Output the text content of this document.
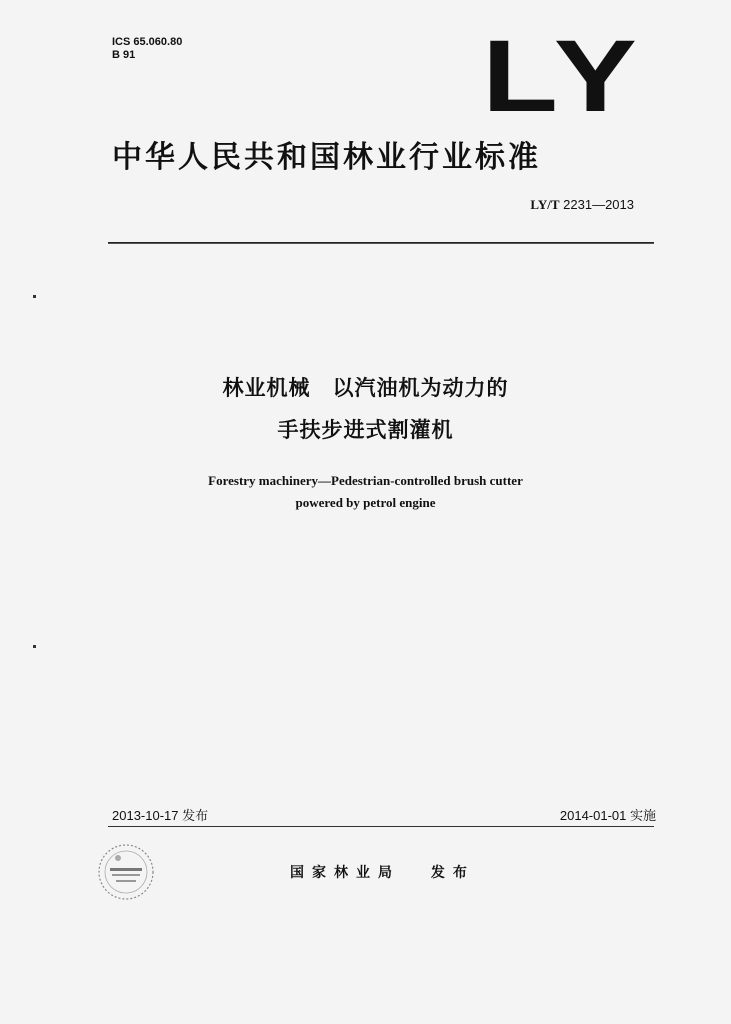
ICS 65.060.80
B 91	LY
中华人民共和国林业行业标准
LY/T 2231—2013
林业机械　以汽油机为动力的
手扶步进式割灌机
Forestry machinery—Pedestrian-controlled brush cutter
powered by petrol engine
2013-10-17 发布	2014-01-01 实施
国家林业局 发布
